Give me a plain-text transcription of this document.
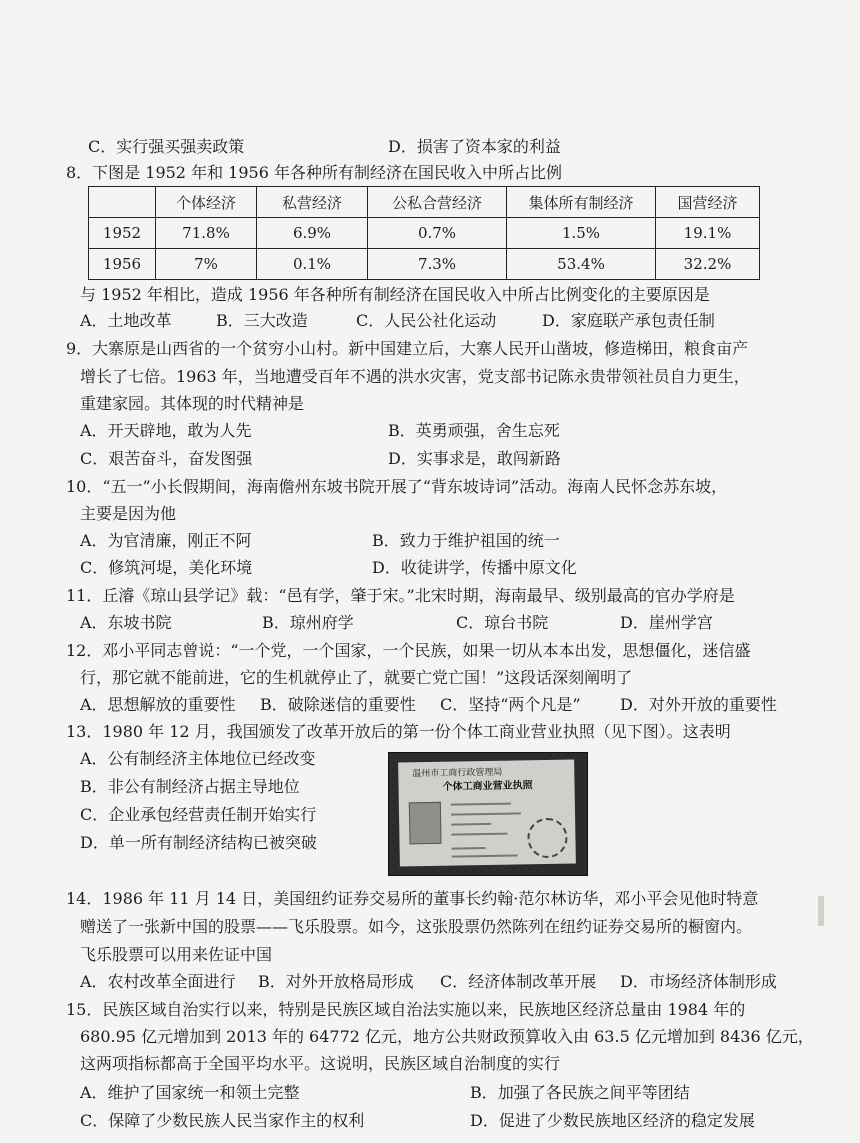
C．实行强买强卖政策	D．损害了资本家的利益
8．下图是 1952 年和 1956 年各种所有制经济在国民收入中所占比例
	个体经济	私营经济	公私合营经济	集体所有制经济	国营经济
1952	71.8%	6.9%	0.7%	1.5%	19.1%
1956	7%	0.1%	7.3%	53.4%	32.2%
与 1952 年相比，造成 1956 年各种所有制经济在国民收入中所占比例变化的主要原因是
A．土地改革	B．三大改造	C．人民公社化运动	D．家庭联产承包责任制
9．大寨原是山西省的一个贫穷小山村。新中国建立后，大寨人民开山凿坡，修造梯田，粮食亩产
增长了七倍。1963 年，当地遭受百年不遇的洪水灾害，党支部书记陈永贵带领社员自力更生，
重建家园。其体现的时代精神是
A．开天辟地，敢为人先	B．英勇顽强，舍生忘死
C．艰苦奋斗，奋发图强	D．实事求是，敢闯新路
10．“五一”小长假期间，海南儋州东坡书院开展了“背东坡诗词”活动。海南人民怀念苏东坡，
主要是因为他
A．为官清廉，刚正不阿	B．致力于维护祖国的统一
C．修筑河堤，美化环境	D．收徒讲学，传播中原文化
11．丘濬《琼山县学记》载：“邑有学，肇于宋。”北宋时期，海南最早、级别最高的官办学府是
A．东坡书院	B．琼州府学	C．琼台书院	D．崖州学宫
12．邓小平同志曾说：“一个党，一个国家，一个民族，如果一切从本本出发，思想僵化，迷信盛
行，那它就不能前进，它的生机就停止了，就要亡党亡国！”这段话深刻阐明了
A．思想解放的重要性 B．破除迷信的重要性 C．坚持“两个凡是” D．对外开放的重要性
13．1980 年 12 月，我国颁发了改革开放后的第一份个体工商业营业执照（见下图）。这表明
A．公有制经济主体地位已经改变
B．非公有制经济占据主导地位
C．企业承包经营责任制开始实行
D．单一所有制经济结构已被突破
温州市工商行政管理局
个体工商业营业执照
14．1986 年 11 月 14 日，美国纽约证券交易所的董事长约翰·范尔林访华，邓小平会见他时特意
赠送了一张新中国的股票——飞乐股票。如今，这张股票仍然陈列在纽约证券交易所的橱窗内。
飞乐股票可以用来佐证中国
A．农村改革全面进行 B．对外开放格局形成 C．经济体制改革开展 D．市场经济体制形成
15．民族区域自治实行以来，特别是民族区域自治法实施以来，民族地区经济总量由 1984 年的
680.95 亿元增加到 2013 年的 64772 亿元，地方公共财政预算收入由 63.5 亿元增加到 8436 亿元，
这两项指标都高于全国平均水平。这说明，民族区域自治制度的实行
A．维护了国家统一和领土完整	B．加强了各民族之间平等团结
C．保障了少数民族人民当家作主的权利	D．促进了少数民族地区经济的稳定发展
